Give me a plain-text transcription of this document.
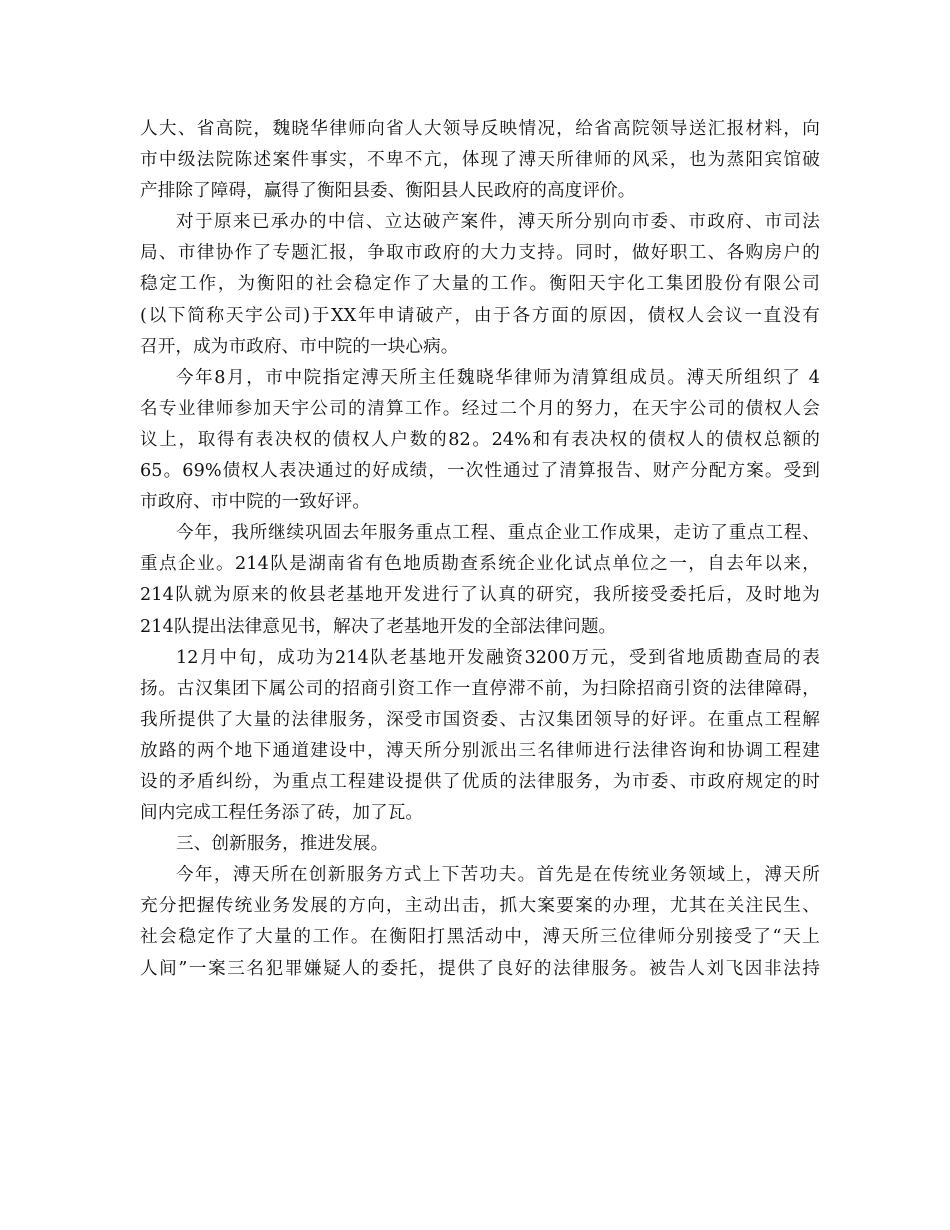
人大、省高院，魏晓华律师向省人大领导反映情况，给省高院领导送汇报材料，向
市中级法院陈述案件事实，不卑不亢，体现了溥天所律师的风采，也为蒸阳宾馆破
产排除了障碍，赢得了衡阳县委、衡阳县人民政府的高度评价。
对于原来已承办的中信、立达破产案件，溥天所分别向市委、市政府、市司法
局、市律协作了专题汇报，争取市政府的大力支持。同时，做好职工、各购房户的
稳定工作，为衡阳的社会稳定作了大量的工作。衡阳天宇化工集团股份有限公司
(以下简称天宇公司)于XX年申请破产，由于各方面的原因，债权人会议一直没有
召开，成为市政府、市中院的一块心病。
今年8月，市中院指定溥天所主任魏晓华律师为清算组成员。溥天所组织了 4
名专业律师参加天宇公司的清算工作。经过二个月的努力，在天宇公司的债权人会
议上，取得有表决权的债权人户数的82。24%和有表决权的债权人的债权总额的
65。69%债权人表决通过的好成绩，一次性通过了清算报告、财产分配方案。受到
市政府、市中院的一致好评。
今年，我所继续巩固去年服务重点工程、重点企业工作成果，走访了重点工程、
重点企业。214队是湖南省有色地质勘查系统企业化试点单位之一，自去年以来，
214队就为原来的攸县老基地开发进行了认真的研究，我所接受委托后，及时地为
214队提出法律意见书，解决了老基地开发的全部法律问题。
12月中旬，成功为214队老基地开发融资3200万元，受到省地质勘查局的表
扬。古汉集团下属公司的招商引资工作一直停滞不前，为扫除招商引资的法律障碍，
我所提供了大量的法律服务，深受市国资委、古汉集团领导的好评。在重点工程解
放路的两个地下通道建设中，溥天所分别派出三名律师进行法律咨询和协调工程建
设的矛盾纠纷，为重点工程建设提供了优质的法律服务，为市委、市政府规定的时
间内完成工程任务添了砖，加了瓦。
三、创新服务，推进发展。
今年，溥天所在创新服务方式上下苦功夫。首先是在传统业务领域上，溥天所
充分把握传统业务发展的方向，主动出击，抓大案要案的办理，尤其在关注民生、
社会稳定作了大量的工作。在衡阳打黑活动中，溥天所三位律师分别接受了“天上
人间”一案三名犯罪嫌疑人的委托，提供了良好的法律服务。被告人刘飞因非法持
